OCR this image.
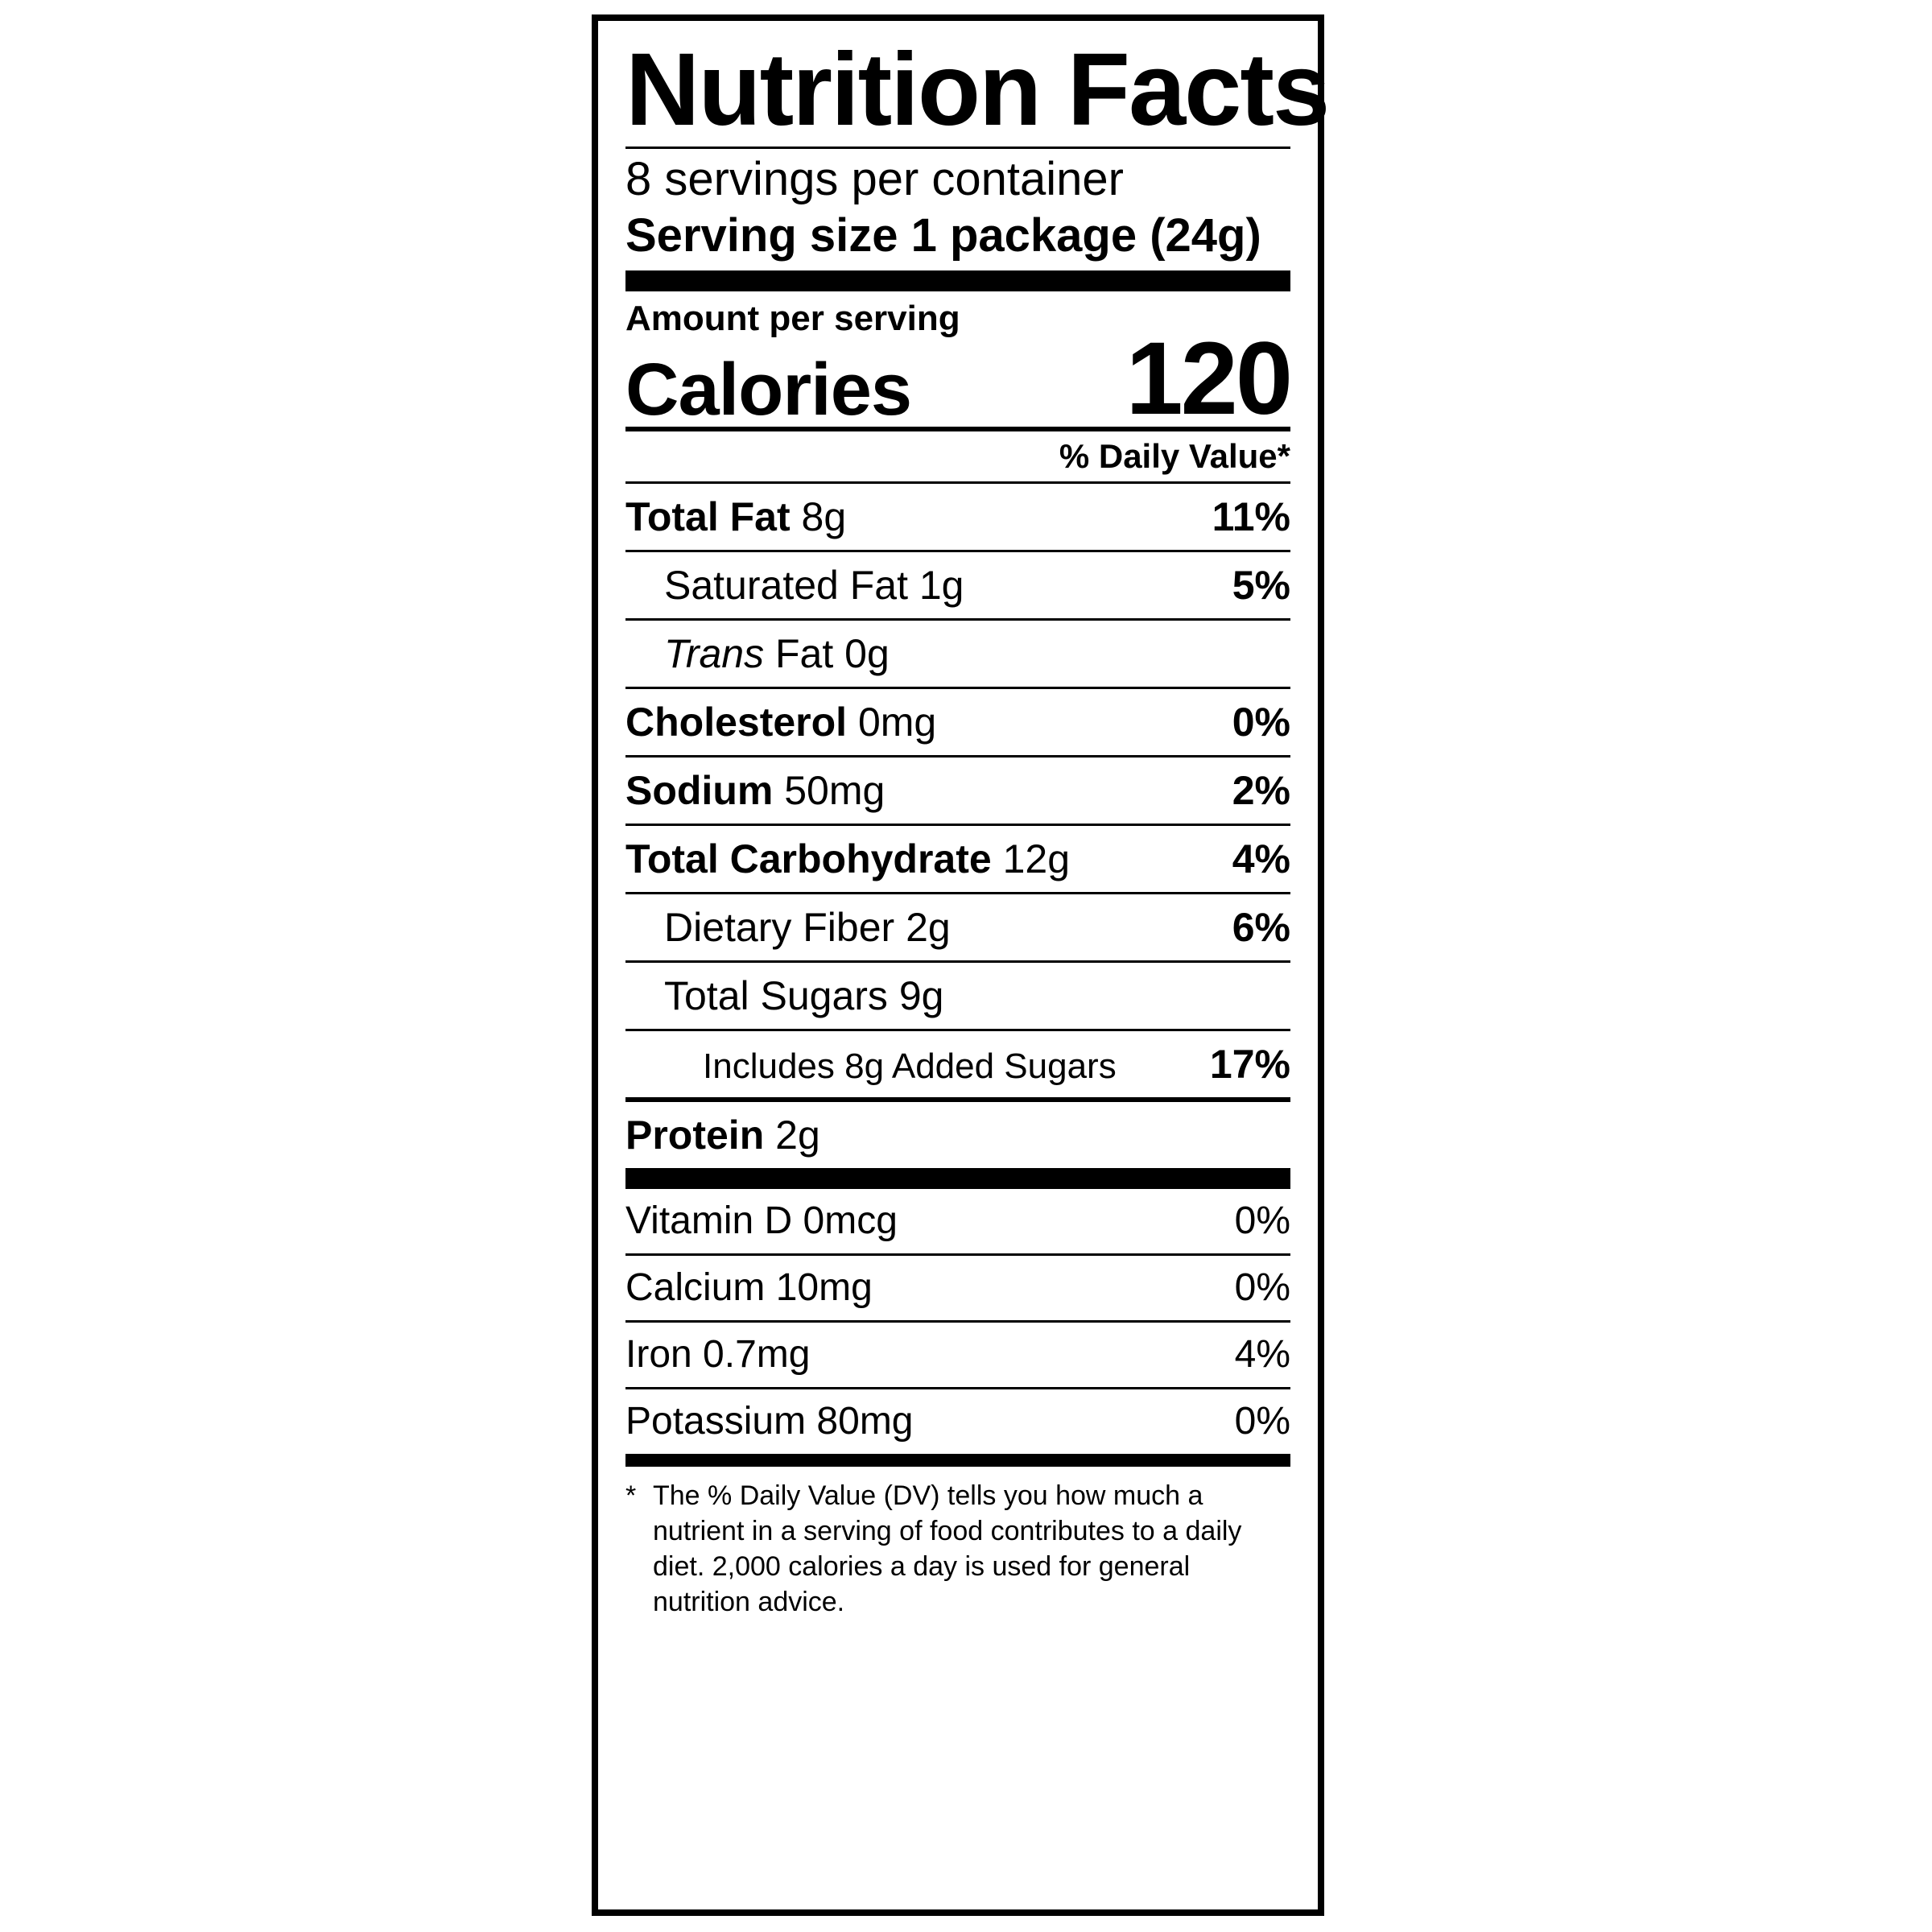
Nutrition Facts
8 servings per container
Serving size 1 package (24g)
Amount per serving
Calories 120
% Daily Value*
Total Fat 8g	11%
Saturated Fat 1g	5%
Trans Fat 0g
Cholesterol 0mg	0%
Sodium 50mg	2%
Total Carbohydrate 12g	4%
Dietary Fiber 2g	6%
Total Sugars 9g
Includes 8g Added Sugars 17%
Protein 2g
Vitamin D 0mcg	0%
Calcium 10mg	0%
Iron 0.7mg	4%
Potassium 80mg	0%
* The % Daily Value (DV) tells you how much a nutrient in a serving of food contributes to a daily diet. 2,000 calories a day is used for general nutrition advice.
